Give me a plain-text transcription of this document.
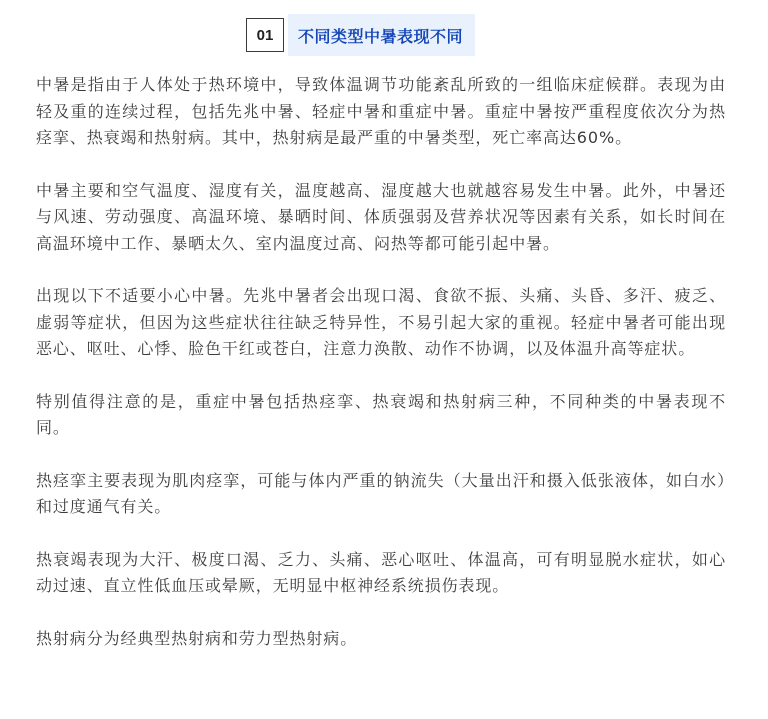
01	不同类型中暑表现不同

中暑是指由于人体处于热环境中，导致体温调节功能紊乱所致的一组临床症候群。表现为由轻及重的连续过程，包括先兆中暑、轻症中暑和重症中暑。重症中暑按严重程度依次分为热痉挛、热衰竭和热射病。其中，热射病是最严重的中暑类型，死亡率高达60%。

中暑主要和空气温度、湿度有关，温度越高、湿度越大也就越容易发生中暑。此外，中暑还与风速、劳动强度、高温环境、暴晒时间、体质强弱及营养状况等因素有关系，如长时间在高温环境中工作、暴晒太久、室内温度过高、闷热等都可能引起中暑。

出现以下不适要小心中暑。先兆中暑者会出现口渴、食欲不振、头痛、头昏、多汗、疲乏、虚弱等症状，但因为这些症状往往缺乏特异性，不易引起大家的重视。轻症中暑者可能出现恶心、呕吐、心悸、脸色干红或苍白，注意力涣散、动作不协调，以及体温升高等症状。

特别值得注意的是，重症中暑包括热痉挛、热衰竭和热射病三种，不同种类的中暑表现不同。

热痉挛主要表现为肌肉痉挛，可能与体内严重的钠流失（大量出汗和摄入低张液体，如白水）和过度通气有关。

热衰竭表现为大汗、极度口渴、乏力、头痛、恶心呕吐、体温高，可有明显脱水症状，如心动过速、直立性低血压或晕厥，无明显中枢神经系统损伤表现。

热射病分为经典型热射病和劳力型热射病。
